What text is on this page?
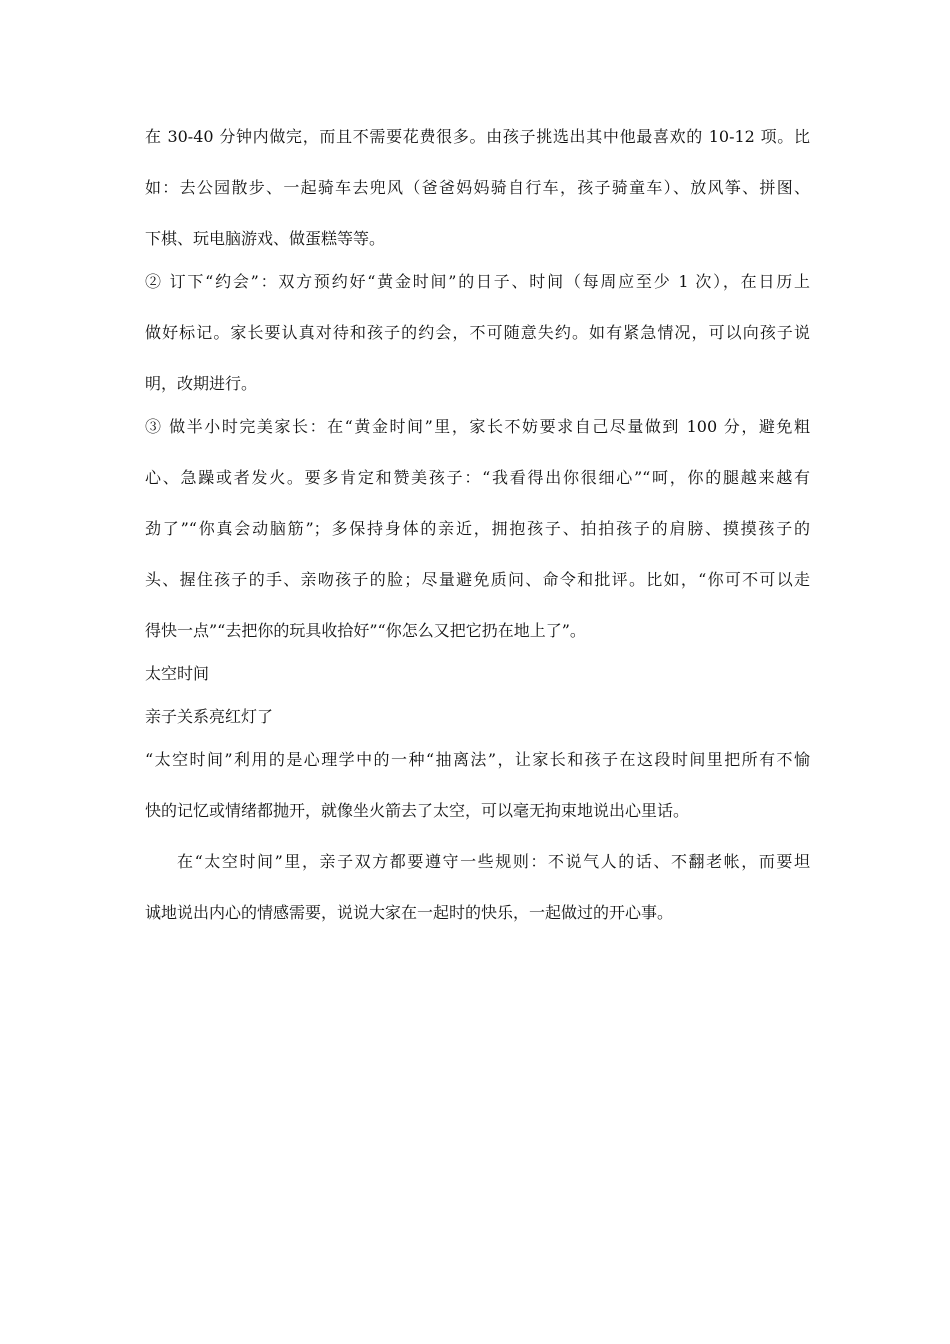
在 30-40 分钟内做完，而且不需要花费很多。由孩子挑选出其中他最喜欢的 10-12 项。比

如：去公园散步、一起骑车去兜风（爸爸妈妈骑自行车，孩子骑童车）、放风筝、拼图、

下棋、玩电脑游戏、做蛋糕等等。

② 订下“约会”：双方预约好“黄金时间”的日子、时间（每周应至少 1 次），在日历上

做好标记。家长要认真对待和孩子的约会，不可随意失约。如有紧急情况，可以向孩子说

明，改期进行。

③ 做半小时完美家长：在“黄金时间”里，家长不妨要求自己尽量做到 100 分，避免粗

心、急躁或者发火。要多肯定和赞美孩子：“我看得出你很细心”“呵，你的腿越来越有

劲了”“你真会动脑筋”；多保持身体的亲近，拥抱孩子、拍拍孩子的肩膀、摸摸孩子的

头、握住孩子的手、亲吻孩子的脸；尽量避免质问、命令和批评。比如，“你可不可以走

得快一点”“去把你的玩具收拾好”“你怎么又把它扔在地上了”。

太空时间

亲子关系亮红灯了

“太空时间”利用的是心理学中的一种“抽离法”，让家长和孩子在这段时间里把所有不愉

快的记忆或情绪都抛开，就像坐火箭去了太空，可以毫无拘束地说出心里话。

在“太空时间”里，亲子双方都要遵守一些规则：不说气人的话、不翻老帐，而要坦

诚地说出内心的情感需要，说说大家在一起时的快乐，一起做过的开心事。
